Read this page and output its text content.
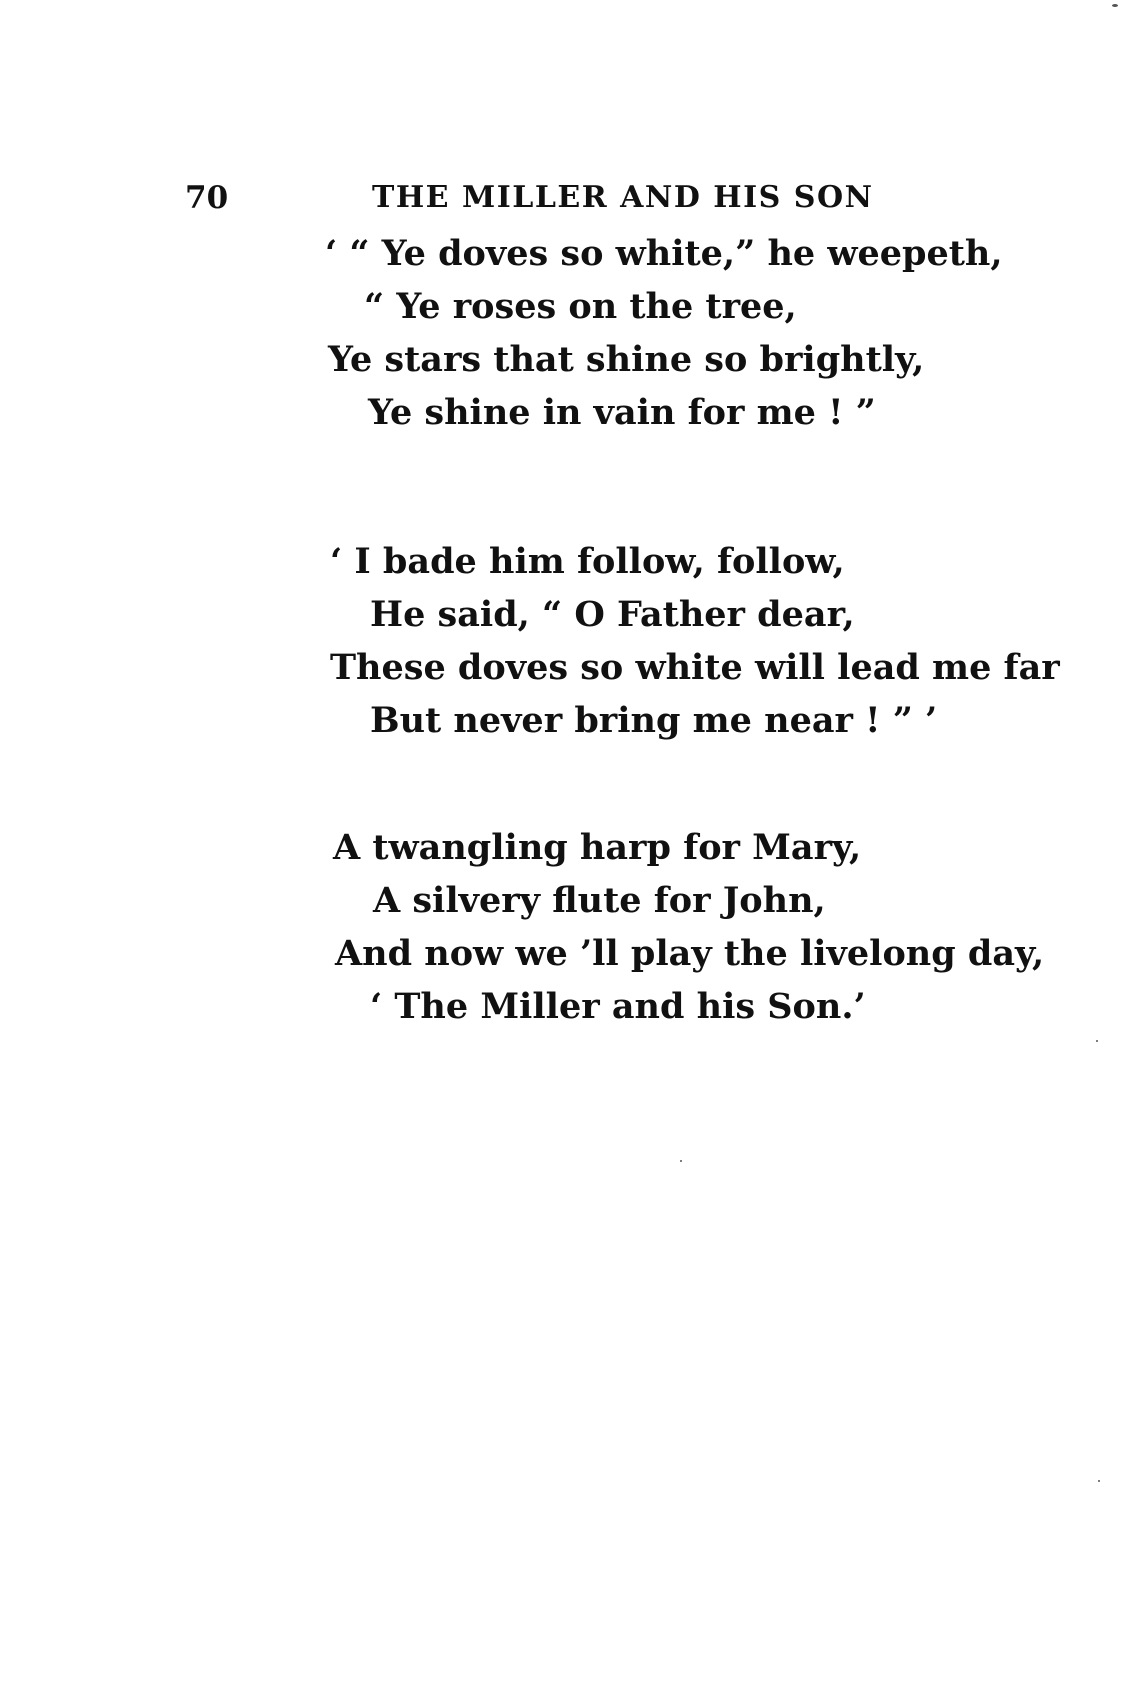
70	THE MILLER AND HIS SON
‘ “ Ye doves so white,” he weepeth,
“ Ye roses on the tree,
Ye stars that shine so brightly,
Ye shine in vain for me ! ”
‘ I bade him follow, follow,
He said, “ O Father dear,
These doves so white will lead me far
But never bring me near ! ” ’
A twangling harp for Mary,
A silvery flute for John,
And now we ’ll play the livelong day,
‘ The Miller and his Son.’
